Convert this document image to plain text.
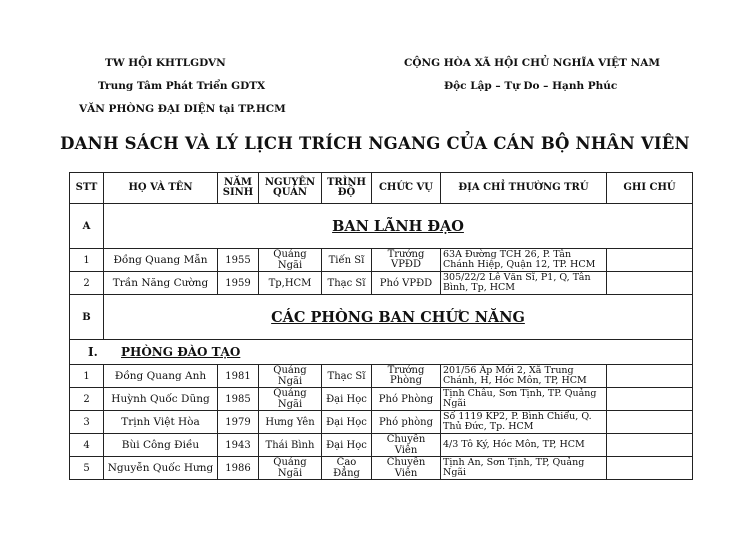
TW HỘI KHTLGDVN
Trung Tâm Phát Triển GDTX
VĂN PHÒNG ĐẠI DIỆN tại TP.HCM
CỘNG HÒA XÃ HỘI CHỦ NGHĨA VIỆT NAM
Độc Lập – Tự Do – Hạnh Phúc
DANH SÁCH VÀ LÝ LỊCH TRÍCH NGANG CỦA CÁN BỘ NHÂN VIÊN
STT	HỌ VÀ TÊN	NĂM SINH	NGUYÊN QUÁN	TRÌNH ĐỘ	CHỨC VỤ	ĐỊA CHỈ THƯỜNG TRÚ	GHI CHÚ
A	BAN LÃNH ĐẠO						
1	Đồng Quang Mẫn	1955	Quảng Ngãi	Tiến Sĩ	Trưởng VPĐD	63A Đường TCH 26, P. Tân Chánh Hiệp, Quận 12, TP. HCM	
2	Trần Năng Cường	1959	Tp,HCM	Thạc Sĩ	Phó VPĐD	305/22/2 Lê Văn Sĩ, P1, Q, Tân Bình, Tp, HCM	
B	CÁC PHÒNG BAN CHỨC NĂNG						
I. PHÒNG ĐÀO TẠO							
1	Đồng Quang Anh	1981	Quảng Ngãi	Thạc Sĩ	Trưởng Phòng	201/56 Ấp Mới 2, Xã Trung Chánh, H, Hóc Môn, TP, HCM	
2	Huỳnh Quốc Dũng	1985	Quảng Ngãi	Đại Học	Phó Phòng	Tịnh Châu, Sơn Tịnh, TP. Quảng Ngãi	
3	Trịnh Việt Hòa	1979	Hưng Yên	Đại Học	Phó phòng	Số 1119 KP2, P. Bình Chiểu, Q. Thủ Đức, Tp. HCM	
4	Bùi Công Điều	1943	Thái Bình	Đại Học	Chuyên Viên	4/3 Tô Ký, Hóc Môn, TP, HCM	
5	Nguyễn Quốc Hưng	1986	Quảng Ngãi	Cao Đẳng	Chuyên Viên	Tịnh An, Sơn Tịnh, TP, Quảng Ngãi	
